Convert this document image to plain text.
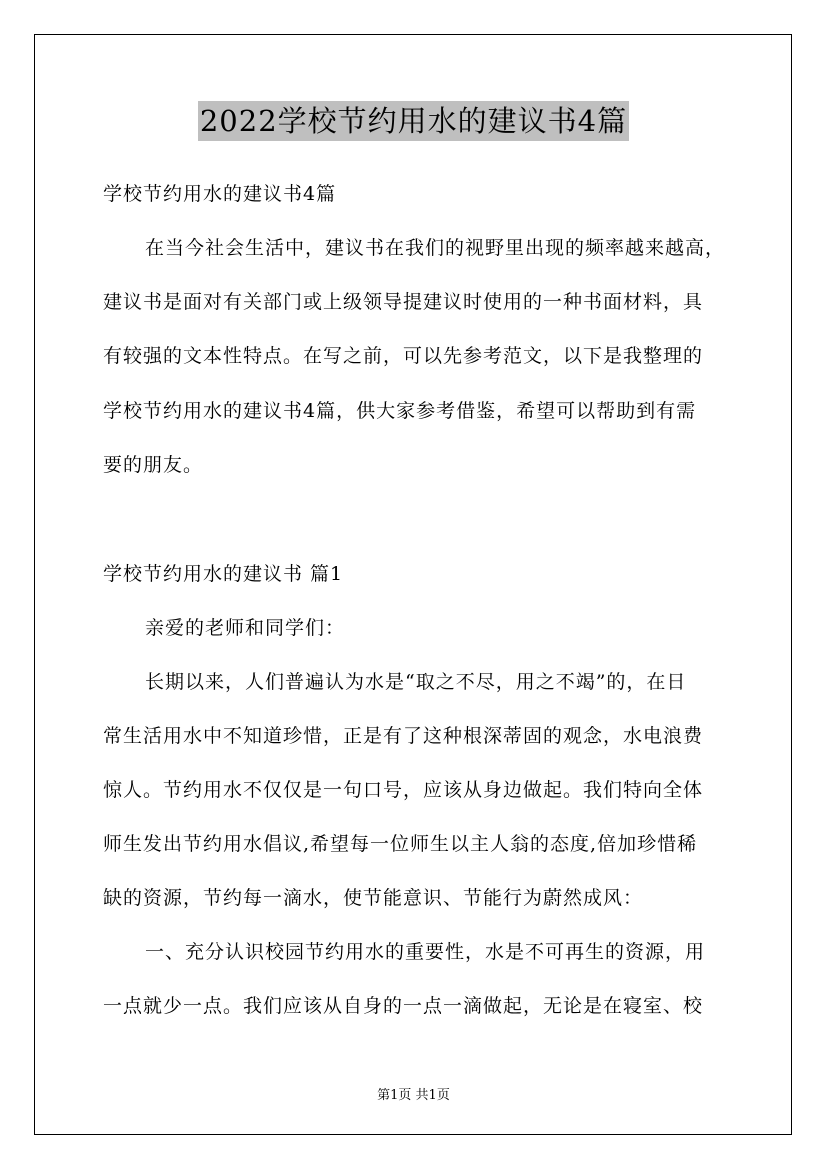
2022学校节约用水的建议书4篇
学校节约用水的建议书4篇
在当今社会生活中，建议书在我们的视野里出现的频率越来越高，
建议书是面对有关部门或上级领导提建议时使用的一种书面材料，具
有较强的文本性特点。在写之前，可以先参考范文，以下是我整理的
学校节约用水的建议书4篇，供大家参考借鉴，希望可以帮助到有需
要的朋友。
学校节约用水的建议书 篇1
亲爱的老师和同学们：
长期以来，人们普遍认为水是“取之不尽，用之不竭”的，在日
常生活用水中不知道珍惜，正是有了这种根深蒂固的观念，水电浪费
惊人。节约用水不仅仅是一句口号，应该从身边做起。我们特向全体
师生发出节约用水倡议,希望每一位师生以主人翁的态度,倍加珍惜稀
缺的资源，节约每一滴水，使节能意识、节能行为蔚然成风：
一、充分认识校园节约用水的重要性，水是不可再生的资源，用
一点就少一点。我们应该从自身的一点一滴做起，无论是在寝室、校
第1页 共1页
